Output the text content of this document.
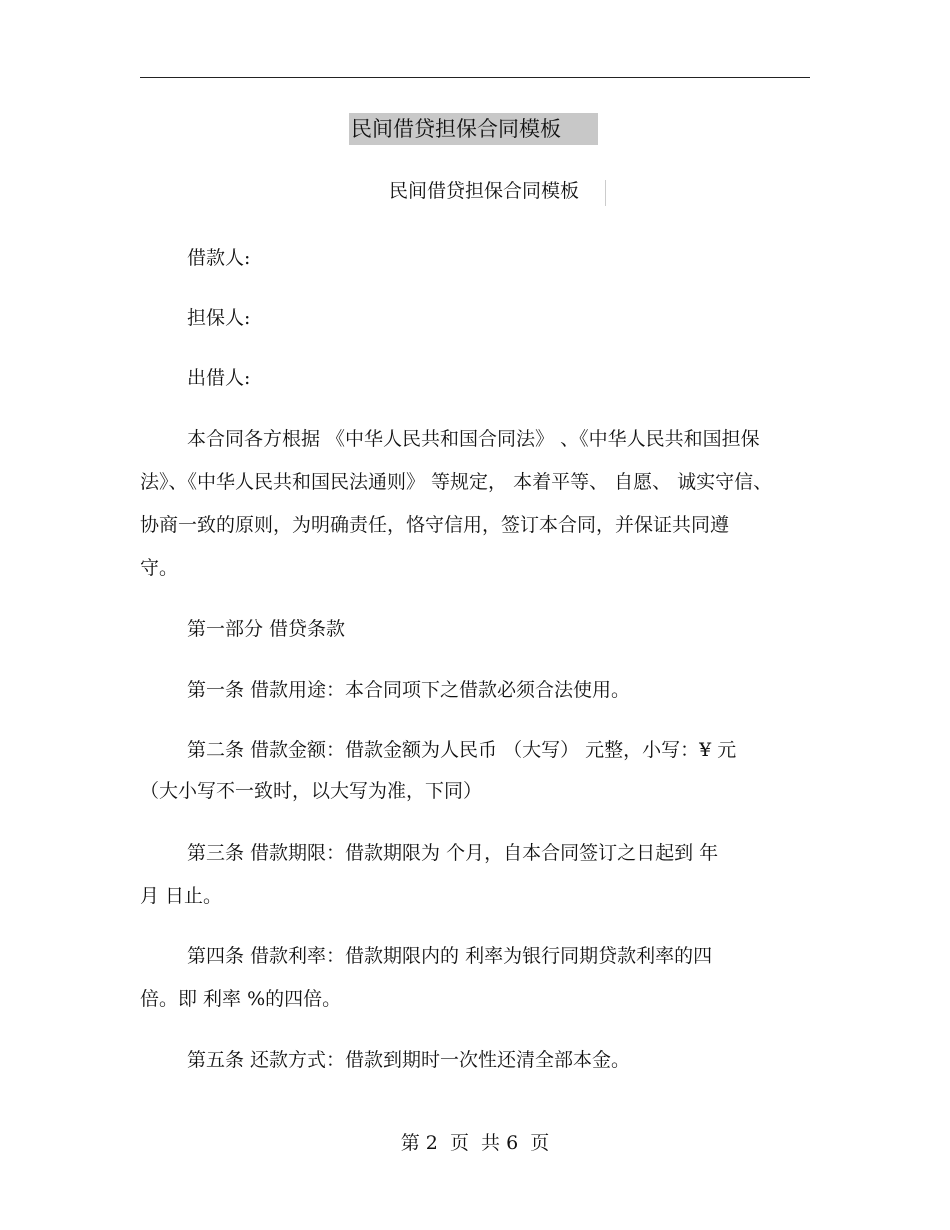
民间借贷担保合同模板
民间借贷担保合同模板
借款人:
担保人:
出借人:
本合同各方根据 《中华人民共和国合同法》 、《中华人民共和国担保
法》、《中华人民共和国民法通则》 等规定， 本着平等、 自愿、 诚实守信、
协商一致的原则，为明确责任，恪守信用，签订本合同，并保证共同遵
守。
第一部分 借贷条款
第一条 借款用途：本合同项下之借款必须合法使用。
第二条 借款金额：借款金额为人民币 （大写） 元整，小写：¥ 元
（大小写不一致时，以大写为准，下同）
第三条 借款期限：借款期限为 个月，自本合同签订之日起到 年
月 日止。
第四条 借款利率：借款期限内的 利率为银行同期贷款利率的四
倍。即 利率 %的四倍。
第五条 还款方式：借款到期时一次性还清全部本金。
第 2  页  共 6  页
